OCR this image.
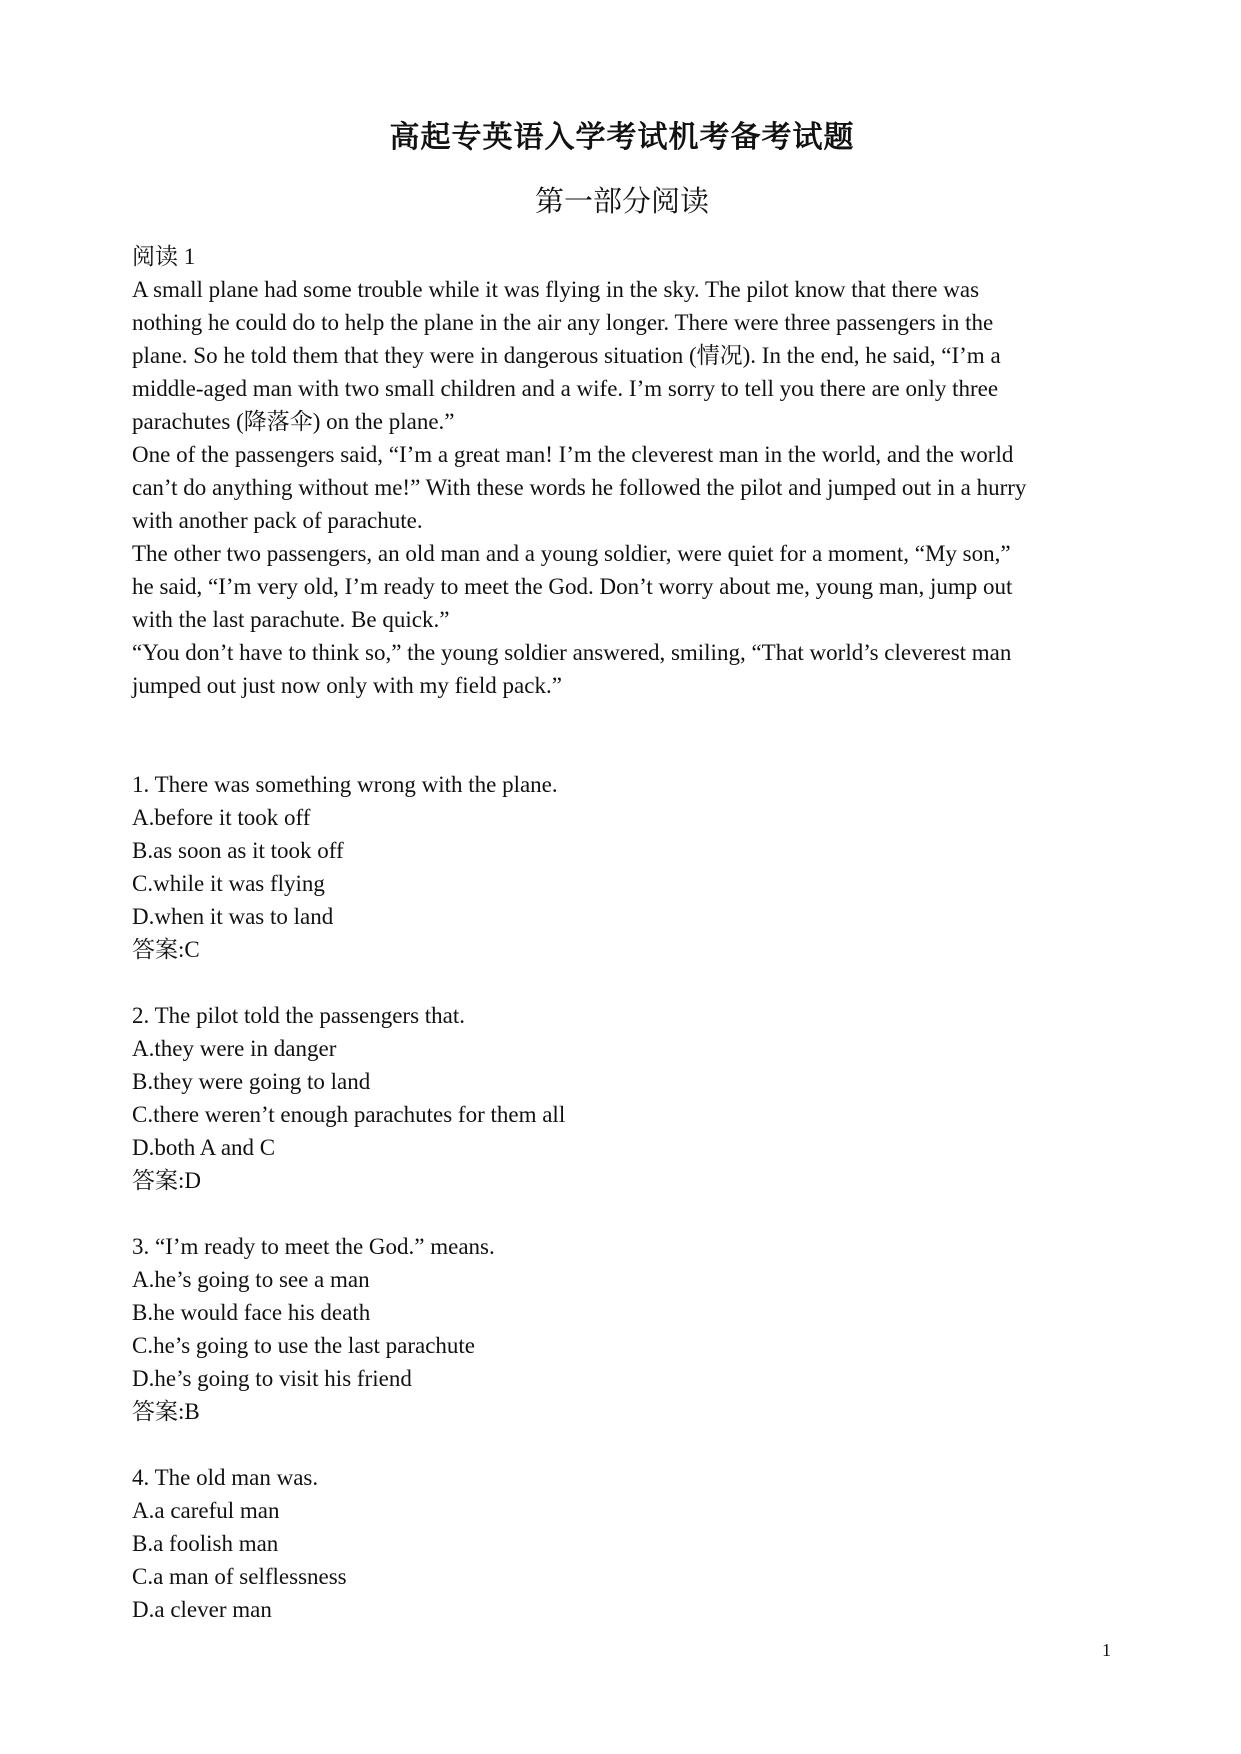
高起专英语入学考试机考备考试题
第一部分阅读
阅读 1
A small plane had some trouble while it was flying in the sky. The pilot know that there was
nothing he could do to help the plane in the air any longer. There were three passengers in the
plane. So he told them that they were in dangerous situation (情况). In the end, he said, “I’m a
middle-aged man with two small children and a wife. I’m sorry to tell you there are only three
parachutes (降落伞) on the plane.”
One of the passengers said, “I’m a great man! I’m the cleverest man in the world, and the world
can’t do anything without me!” With these words he followed the pilot and jumped out in a hurry
with another pack of parachute.
The other two passengers, an old man and a young soldier, were quiet for a moment, “My son,”
he said, “I’m very old, I’m ready to meet the God. Don’t worry about me, young man, jump out
with the last parachute. Be quick.”
“You don’t have to think so,” the young soldier answered, smiling, “That world’s cleverest man
jumped out just now only with my field pack.”
1. There was something wrong with the plane.
A.before it took off
B.as soon as it took off
C.while it was flying
D.when it was to land
答案:C
2. The pilot told the passengers that.
A.they were in danger
B.they were going to land
C.there weren’t enough parachutes for them all
D.both A and C
答案:D
3. “I’m ready to meet the God.” means.
A.he’s going to see a man
B.he would face his death
C.he’s going to use the last parachute
D.he’s going to visit his friend
答案:B
4. The old man was.
A.a careful man
B.a foolish man
C.a man of selflessness
D.a clever man
1
